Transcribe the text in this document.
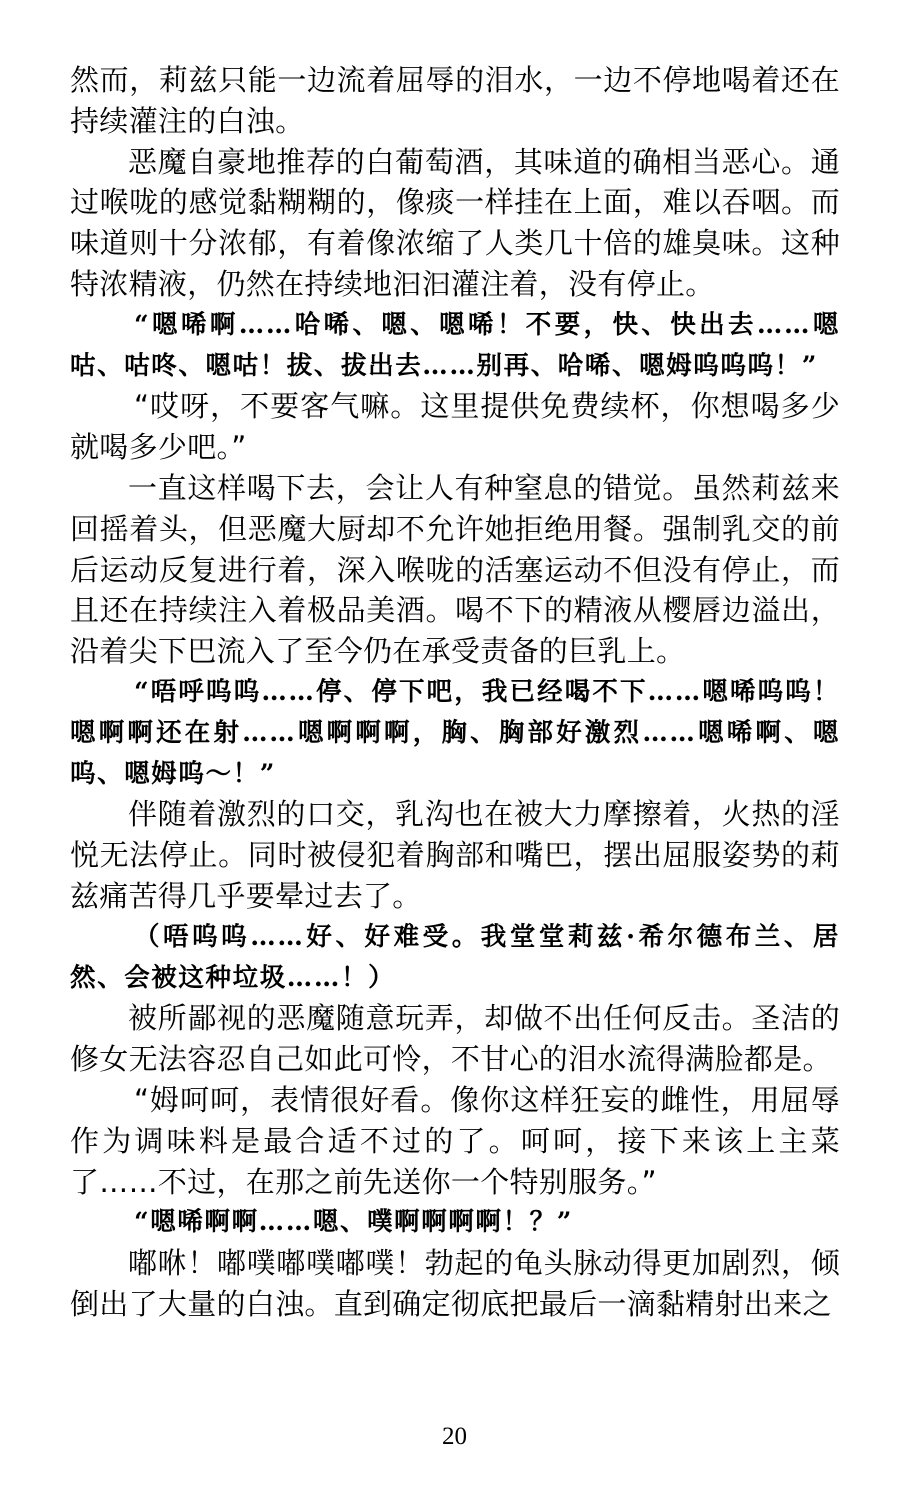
然而，莉兹只能一边流着屈辱的泪水，一边不停地喝着还在持续灌注的白浊。

恶魔自豪地推荐的白葡萄酒，其味道的确相当恶心。通过喉咙的感觉黏糊糊的，像痰一样挂在上面，难以吞咽。而味道则十分浓郁，有着像浓缩了人类几十倍的雄臭味。这种特浓精液，仍然在持续地汩汩灌注着，没有停止。

“嗯唏啊……哈唏、嗯、嗯唏！不要，快、快出去……嗯咕、咕咚、嗯咕！拔、拔出去……别再、哈唏、嗯姆呜呜呜！”

“哎呀，不要客气嘛。这里提供免费续杯，你想喝多少就喝多少吧。”

一直这样喝下去，会让人有种窒息的错觉。虽然莉兹来回摇着头，但恶魔大厨却不允许她拒绝用餐。强制乳交的前后运动反复进行着，深入喉咙的活塞运动不但没有停止，而且还在持续注入着极品美酒。喝不下的精液从樱唇边溢出，沿着尖下巴流入了至今仍在承受责备的巨乳上。

“唔呼呜呜……停、停下吧，我已经喝不下……嗯唏呜呜！嗯啊啊还在射……嗯啊啊啊，胸、胸部好激烈……嗯唏啊、嗯呜、嗯姆呜～！”

伴随着激烈的口交，乳沟也在被大力摩擦着，火热的淫悦无法停止。同时被侵犯着胸部和嘴巴，摆出屈服姿势的莉兹痛苦得几乎要晕过去了。

（唔呜呜……好、好难受。我堂堂莉兹·希尔德布兰、居然、会被这种垃圾……！）

被所鄙视的恶魔随意玩弄，却做不出任何反击。圣洁的修女无法容忍自己如此可怜，不甘心的泪水流得满脸都是。

“姆呵呵，表情很好看。像你这样狂妄的雌性，用屈辱作为调味料是最合适不过的了。呵呵，接下来该上主菜了……不过，在那之前先送你一个特别服务。”

“嗯唏啊啊……嗯、噗啊啊啊啊！？”

嘟咻！嘟噗嘟噗嘟噗！勃起的龟头脉动得更加剧烈，倾倒出了大量的白浊。直到确定彻底把最后一滴黏精射出来之

20
